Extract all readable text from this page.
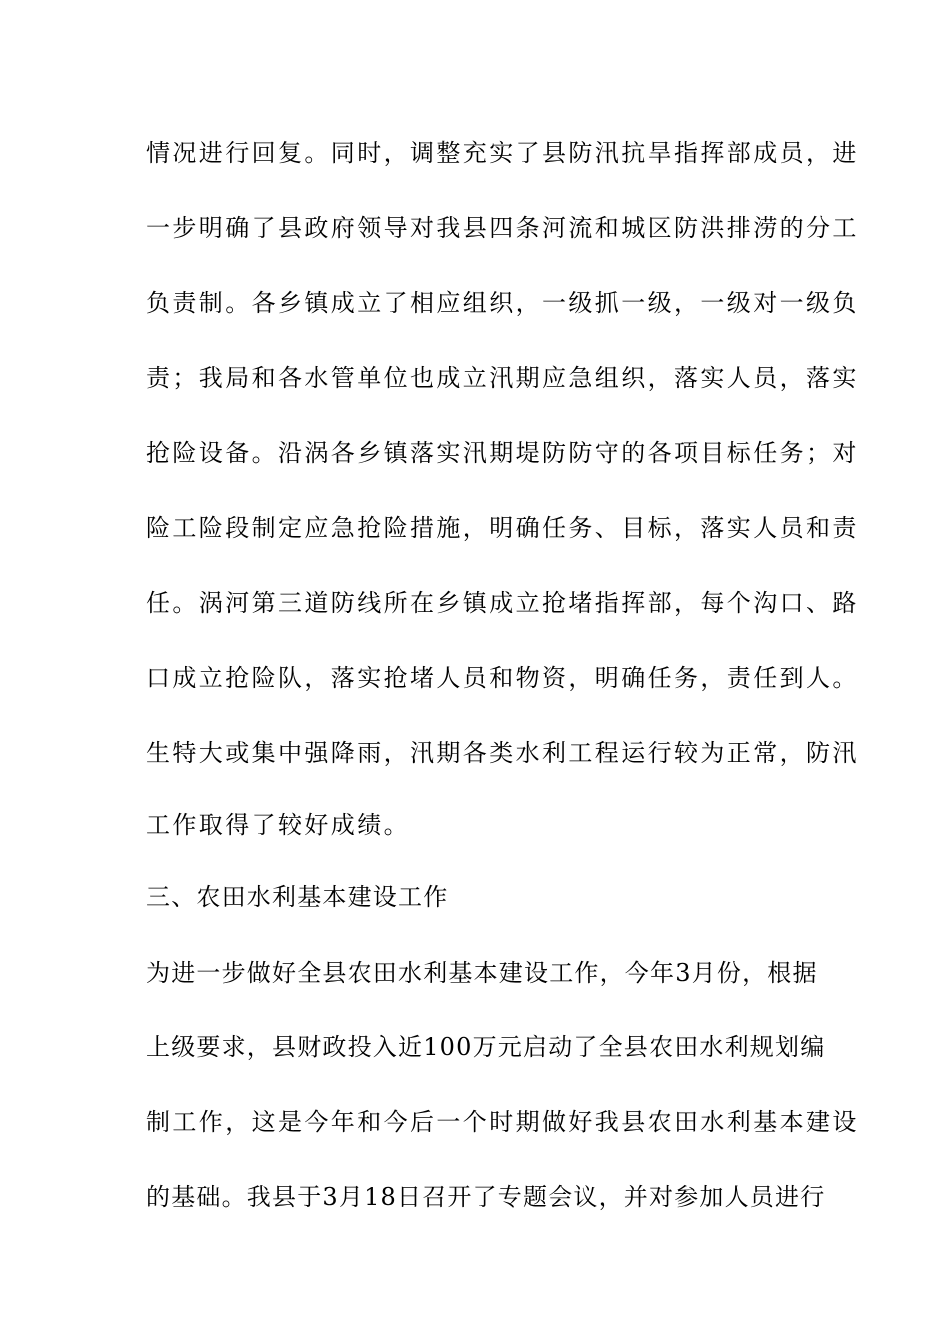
情况进行回复。同时，调整充实了县防汛抗旱指挥部成员，进
一步明确了县政府领导对我县四条河流和城区防洪排涝的分工
负责制。各乡镇成立了相应组织，一级抓一级，一级对一级负
责；我局和各水管单位也成立汛期应急组织，落实人员，落实
抢险设备。沿涡各乡镇落实汛期堤防防守的各项目标任务；对
险工险段制定应急抢险措施，明确任务、目标，落实人员和责
任。涡河第三道防线所在乡镇成立抢堵指挥部，每个沟口、路
口成立抢险队，落实抢堵人员和物资，明确任务，责任到人。
生特大或集中强降雨，汛期各类水利工程运行较为正常，防汛
工作取得了较好成绩。
三、农田水利基本建设工作
为进一步做好全县农田水利基本建设工作，今年3月份，根据
上级要求，县财政投入近100万元启动了全县农田水利规划编
制工作，这是今年和今后一个时期做好我县农田水利基本建设
的基础。我县于3月18日召开了专题会议，并对参加人员进行
